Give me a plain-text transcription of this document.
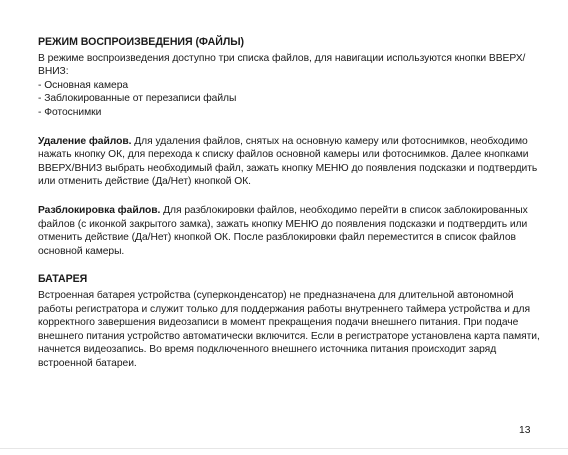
РЕЖИМ ВОСПРОИЗВЕДЕНИЯ (ФАЙЛЫ)

В режиме воспроизведения доступно три списка файлов, для навигации используются кнопки ВВЕРХ/ВНИЗ:

- Основная камера

- Заблокированные от перезаписи файлы

- Фотоснимки

Удаление файлов. Для удаления файлов, снятых на основную камеру или фотоснимков, необходимо нажать кнопку ОК, для перехода к списку файлов основной камеры или фотоснимков. Далее кнопками ВВЕРХ/ВНИЗ выбрать необходимый файл, зажать кнопку МЕНЮ до появления подсказки и подтвердить или отменить действие (Да/Нет) кнопкой ОК.

Разблокировка файлов. Для разблокировки файлов, необходимо перейти в список заблокированных файлов (с иконкой закрытого замка), зажать кнопку МЕНЮ до появления подсказки и подтвердить или отменить действие (Да/Нет) кнопкой ОК. После разблокировки файл переместится в список файлов основной камеры.

БАТАРЕЯ

Встроенная батарея устройства (суперконденсатор) не предназначена для длительной автономной работы регистратора и служит только для поддержания работы внутреннего таймера устройства и для корректного завершения видеозаписи в момент прекращения подачи внешнего питания. При подаче внешнего питания устройство автоматически включится. Если в регистраторе установлена карта памяти, начнется видеозапись. Во время подключенного внешнего источника питания происходит заряд встроенной батареи.

13
